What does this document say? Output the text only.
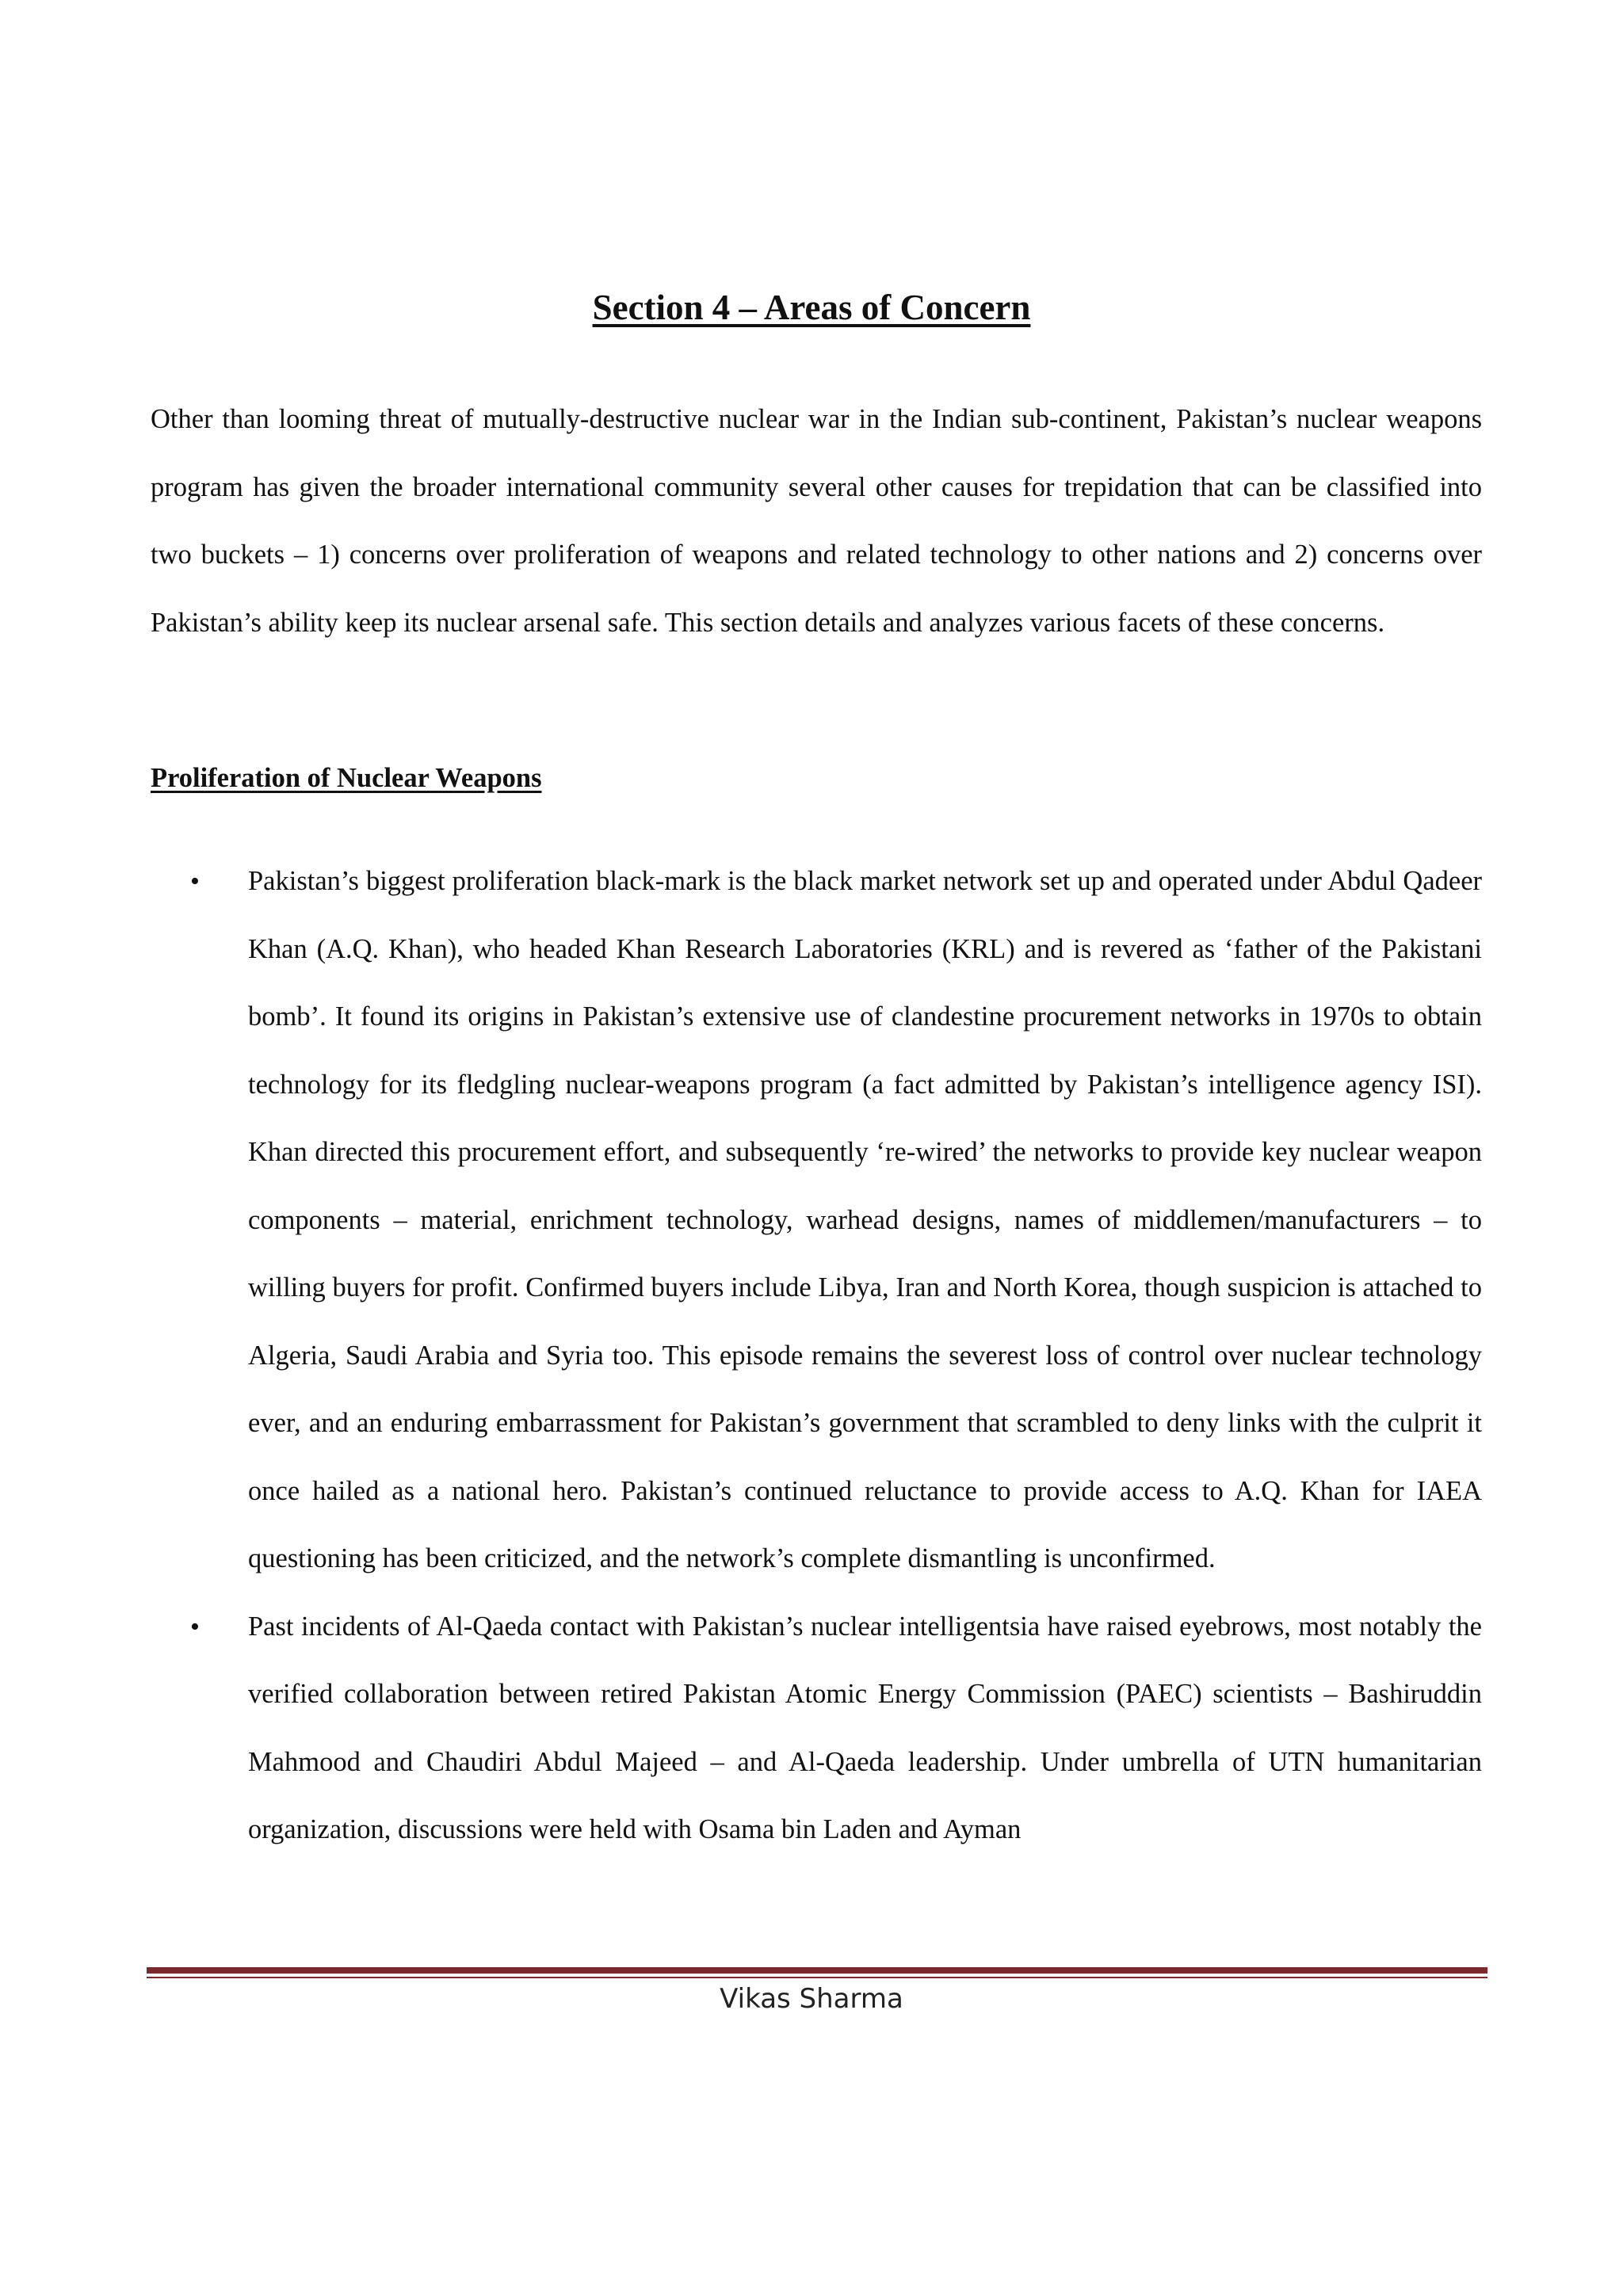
Section 4 – Areas of Concern

Other than looming threat of mutually-destructive nuclear war in the Indian sub-continent, Pakistan’s nuclear weapons program has given the broader international community several other causes for trepidation that can be classified into two buckets – 1) concerns over proliferation of weapons and related technology to other nations and 2) concerns over Pakistan’s ability keep its nuclear arsenal safe. This section details and analyzes various facets of these concerns.

Proliferation of Nuclear Weapons
• Pakistan’s biggest proliferation black-mark is the black market network set up and operated under Abdul Qadeer Khan (A.Q. Khan), who headed Khan Research Laboratories (KRL) and is revered as ‘father of the Pakistani bomb’. It found its origins in Pakistan’s extensive use of clandestine procurement networks in 1970s to obtain technology for its fledgling nuclear-weapons program (a fact admitted by Pakistan’s intelligence agency ISI). Khan directed this procurement effort, and subsequently ‘re-wired’ the networks to provide key nuclear weapon components – material, enrichment technology, warhead designs, names of middlemen/manufacturers – to willing buyers for profit. Confirmed buyers include Libya, Iran and North Korea, though suspicion is attached to Algeria, Saudi Arabia and Syria too. This episode remains the severest loss of control over nuclear technology ever, and an enduring embarrassment for Pakistan’s government that scrambled to deny links with the culprit it once hailed as a national hero. Pakistan’s continued reluctance to provide access to A.Q. Khan for IAEA questioning has been criticized, and the network’s complete dismantling is unconfirmed.
• Past incidents of Al-Qaeda contact with Pakistan’s nuclear intelligentsia have raised eyebrows, most notably the verified collaboration between retired Pakistan Atomic Energy Commission (PAEC) scientists – Bashiruddin Mahmood and Chaudiri Abdul Majeed – and Al-Qaeda leadership. Under umbrella of UTN humanitarian organization, discussions were held with Osama bin Laden and Ayman

Vikas Sharma
